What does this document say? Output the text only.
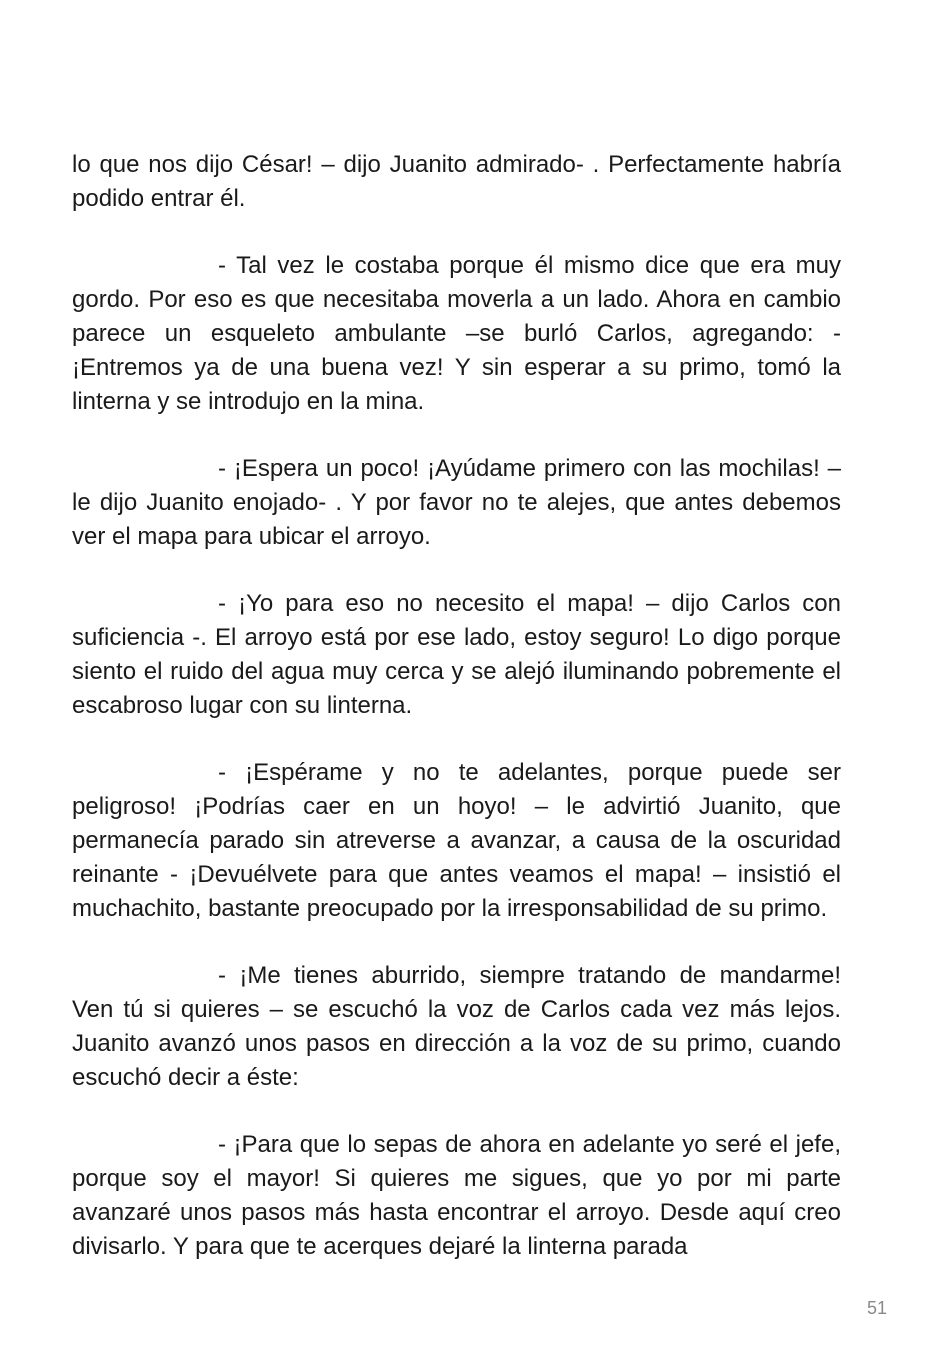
lo que nos dijo César! – dijo Juanito admirado- . Perfectamente habría podido entrar él.

- Tal vez le costaba porque él mismo dice que era muy gordo. Por eso es que necesitaba moverla a un lado. Ahora en cambio parece un esqueleto ambulante –se burló Carlos, agregando: - ¡Entremos ya de una buena vez! Y sin esperar a su primo, tomó la linterna y se introdujo en la mina.

- ¡Espera un poco! ¡Ayúdame primero con las mochilas! – le dijo Juanito enojado- . Y por favor no te alejes, que antes debemos ver el mapa para ubicar el arroyo.

- ¡Yo para eso no necesito el mapa! – dijo Carlos con suficiencia -. El arroyo está por ese lado, estoy seguro! Lo digo porque siento el ruido del agua muy cerca y se alejó iluminando pobremente el escabroso lugar con su linterna.

- ¡Espérame y no te adelantes, porque puede ser peligroso! ¡Podrías caer en un hoyo! – le advirtió Juanito, que permanecía parado sin atreverse a avanzar, a causa de la oscuridad reinante - ¡Devuélvete para que antes veamos el mapa! – insistió el muchachito, bastante preocupado por la irresponsabilidad de su primo.

- ¡Me tienes aburrido, siempre tratando de mandarme! Ven tú si quieres – se escuchó la voz de Carlos cada vez más lejos. Juanito avanzó unos pasos en dirección a la voz de su primo, cuando escuchó decir a éste:

- ¡Para que lo sepas de ahora en adelante yo seré el jefe, porque soy el mayor! Si quieres me sigues, que yo por mi parte avanzaré unos pasos más hasta encontrar el arroyo. Desde aquí creo divisarlo. Y para que te acerques dejaré la linterna parada

51
